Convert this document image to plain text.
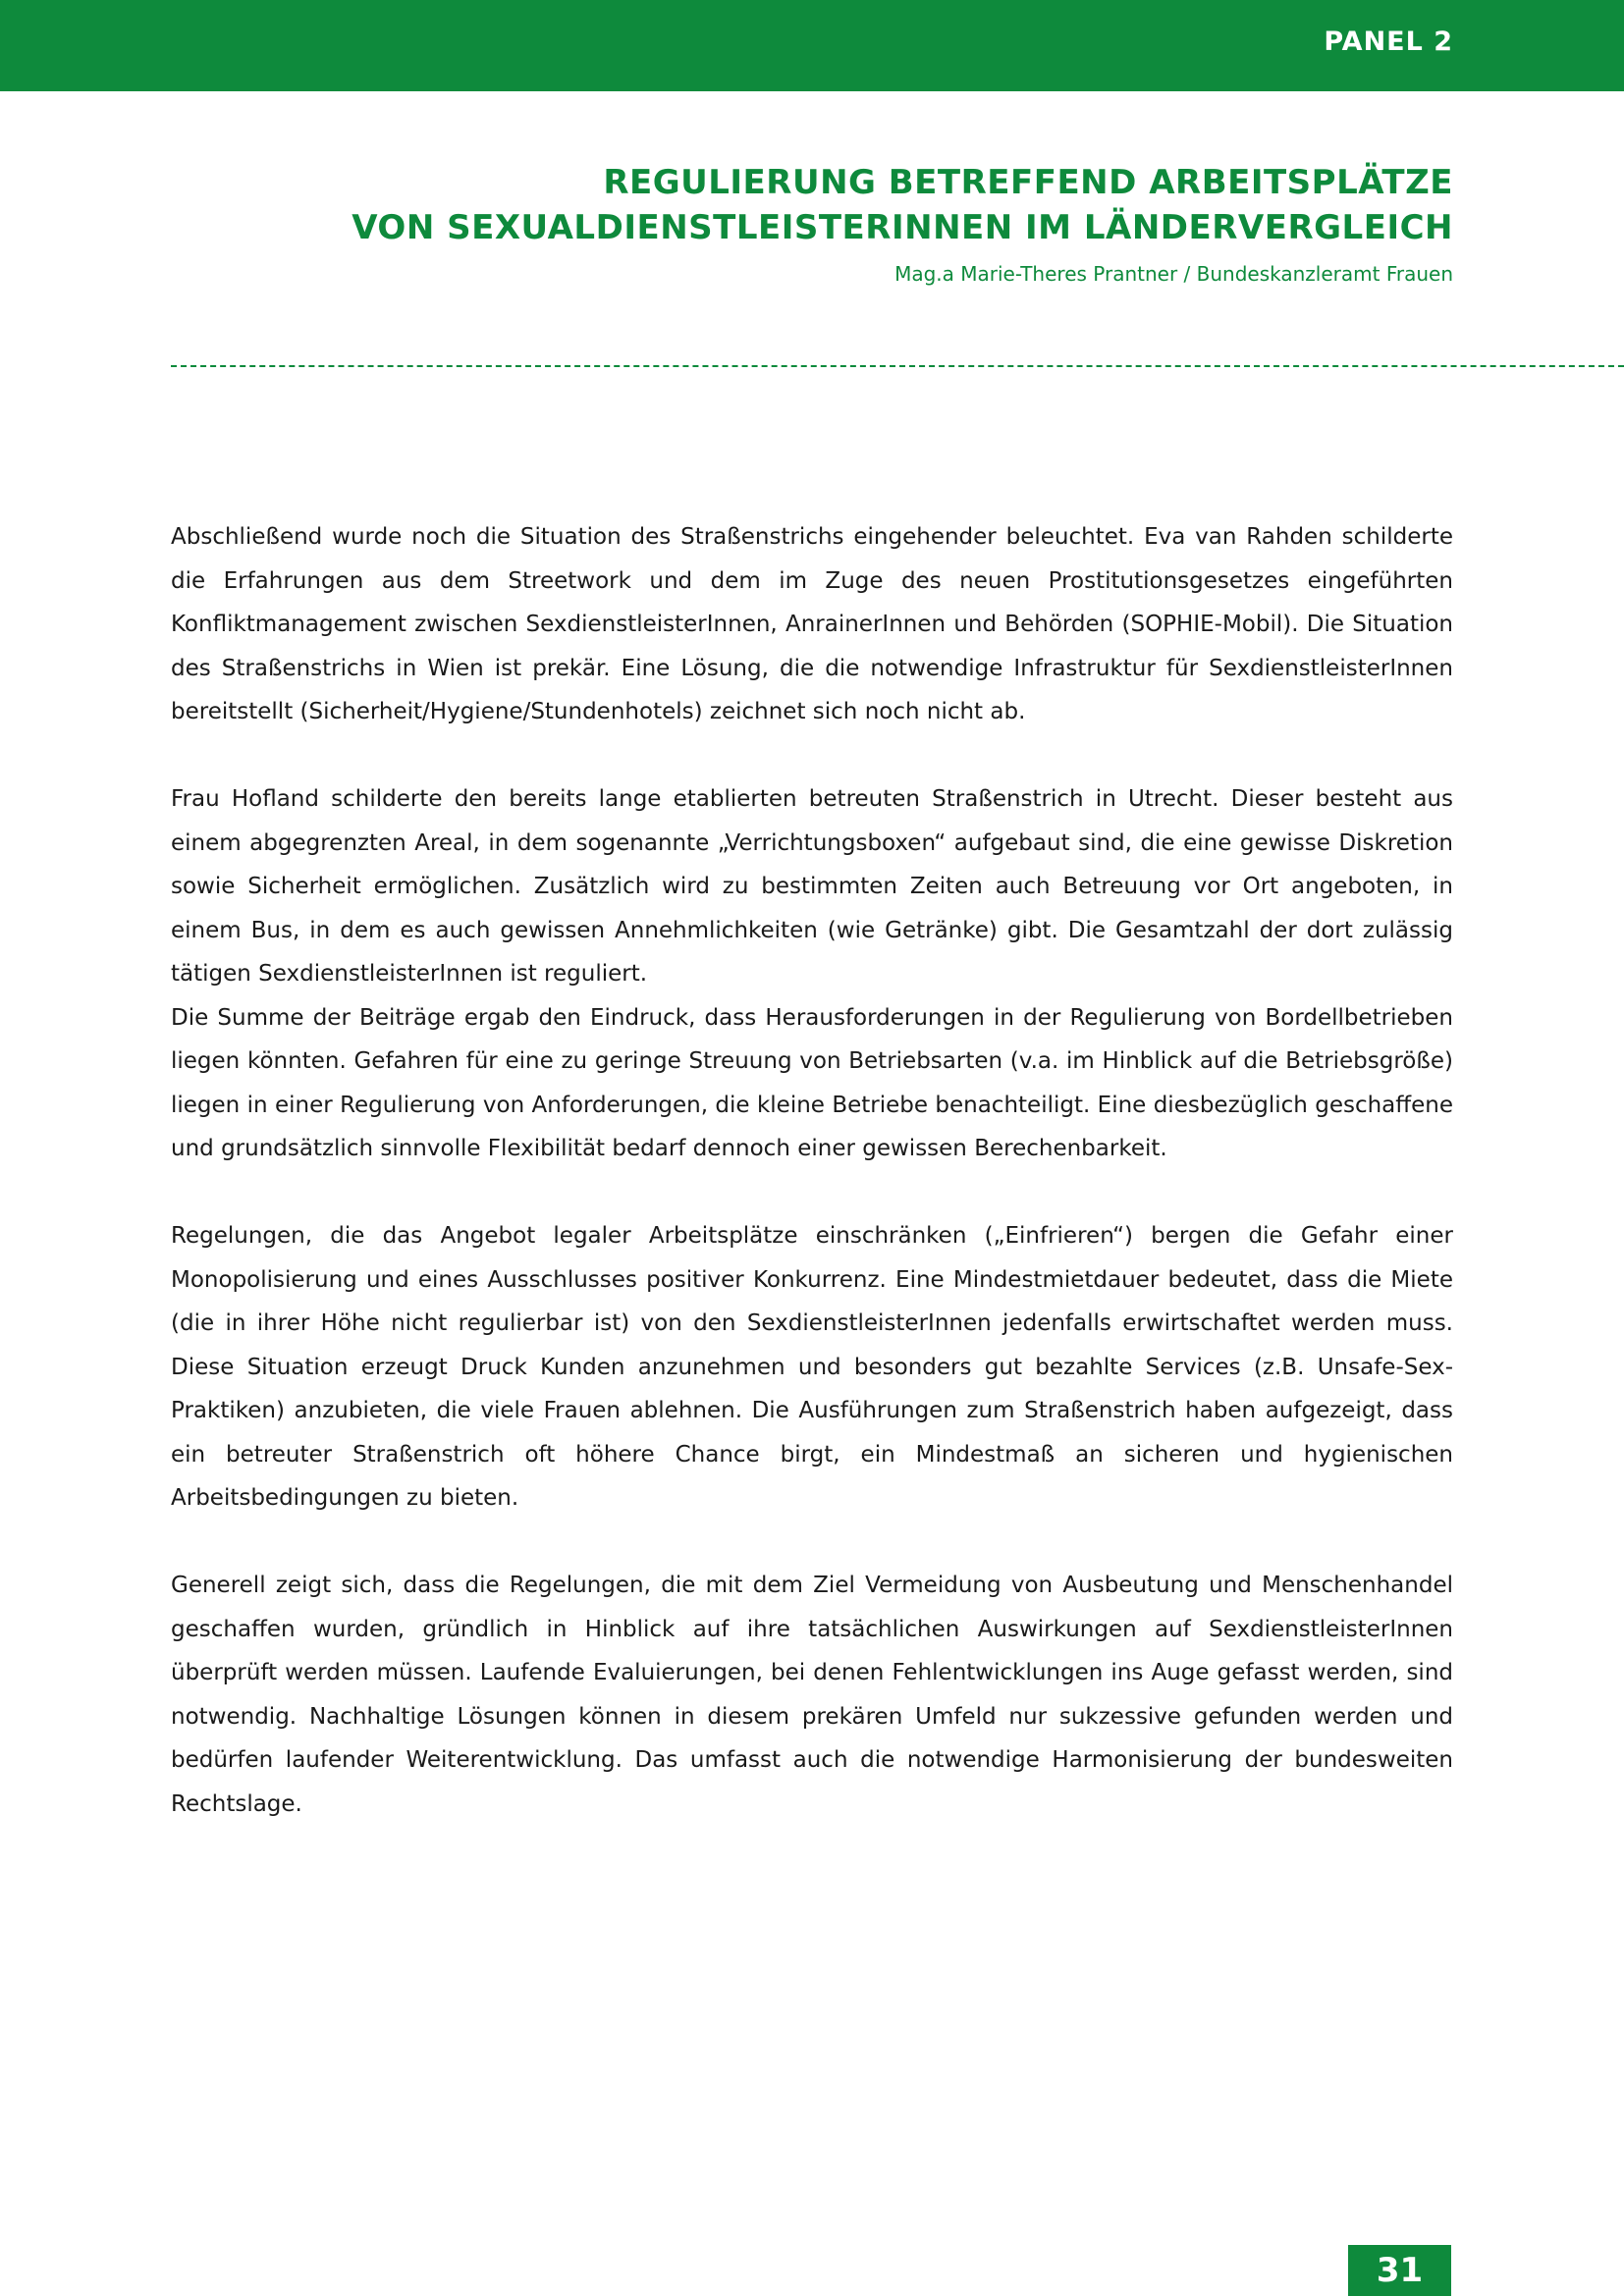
PANEL 2
REGULIERUNG BETREFFEND ARBEITSPLÄTZE
VON SEXUALDIENSTLEISTERINNEN IM LÄNDERVERGLEICH
Mag.a Marie-Theres Prantner / Bundeskanzleramt Frauen

Abschließend wurde noch die Situation des Straßenstrichs eingehender beleuchtet. Eva van Rahden schilderte die Erfahrungen aus dem Streetwork und dem im Zuge des neuen Prostitutionsgesetzes eingeführten Konfliktmanagement zwischen SexdienstleisterInnen, AnrainerInnen und Behörden (SOPHIE-Mobil). Die Situation des Straßenstrichs in Wien ist prekär. Eine Lösung, die die notwendige Infrastruktur für SexdienstleisterInnen bereitstellt (Sicherheit/Hygiene/Stundenhotels) zeichnet sich noch nicht ab.

Frau Hofland schilderte den bereits lange etablierten betreuten Straßenstrich in Utrecht. Dieser besteht aus einem abgegrenzten Areal, in dem sogenannte „Verrichtungsboxen“ aufgebaut sind, die eine gewisse Diskretion sowie Sicherheit ermöglichen. Zusätzlich wird zu bestimmten Zeiten auch Betreuung vor Ort angeboten, in einem Bus, in dem es auch gewissen Annehmlichkeiten (wie Getränke) gibt. Die Gesamtzahl der dort zulässig tätigen SexdienstleisterInnen ist reguliert.

Die Summe der Beiträge ergab den Eindruck, dass Herausforderungen in der Regulierung von Bordellbetrieben liegen könnten. Gefahren für eine zu geringe Streuung von Betriebsarten (v.a. im Hinblick auf die Betriebsgröße) liegen in einer Regulierung von Anforderungen, die kleine Betriebe benachteiligt. Eine diesbezüglich geschaffene und grundsätzlich sinnvolle Flexibilität bedarf dennoch einer gewissen Berechenbarkeit.

Regelungen, die das Angebot legaler Arbeitsplätze einschränken („Einfrieren“) bergen die Gefahr einer Monopolisierung und eines Ausschlusses positiver Konkurrenz. Eine Mindestmietdauer bedeutet, dass die Miete (die in ihrer Höhe nicht regulierbar ist) von den SexdienstleisterInnen jedenfalls erwirtschaftet werden muss. Diese Situation erzeugt Druck Kunden anzunehmen und besonders gut bezahlte Services (z.B. Unsafe-Sex-Praktiken) anzubieten, die viele Frauen ablehnen. Die Ausführungen zum Straßenstrich haben aufgezeigt, dass ein betreuter Straßenstrich oft höhere Chance birgt, ein Mindestmaß an sicheren und hygienischen Arbeitsbedingungen zu bieten.

Generell zeigt sich, dass die Regelungen, die mit dem Ziel Vermeidung von Ausbeutung und Menschenhandel geschaffen wurden, gründlich in Hinblick auf ihre tatsächlichen Auswirkungen auf SexdienstleisterInnen überprüft werden müssen. Laufende Evaluierungen, bei denen Fehlentwicklungen ins Auge gefasst werden, sind notwendig. Nachhaltige Lösungen können in diesem prekären Umfeld nur sukzessive gefunden werden und bedürfen laufender Weiterentwicklung. Das umfasst auch die notwendige Harmonisierung der bundesweiten Rechtslage.

31
